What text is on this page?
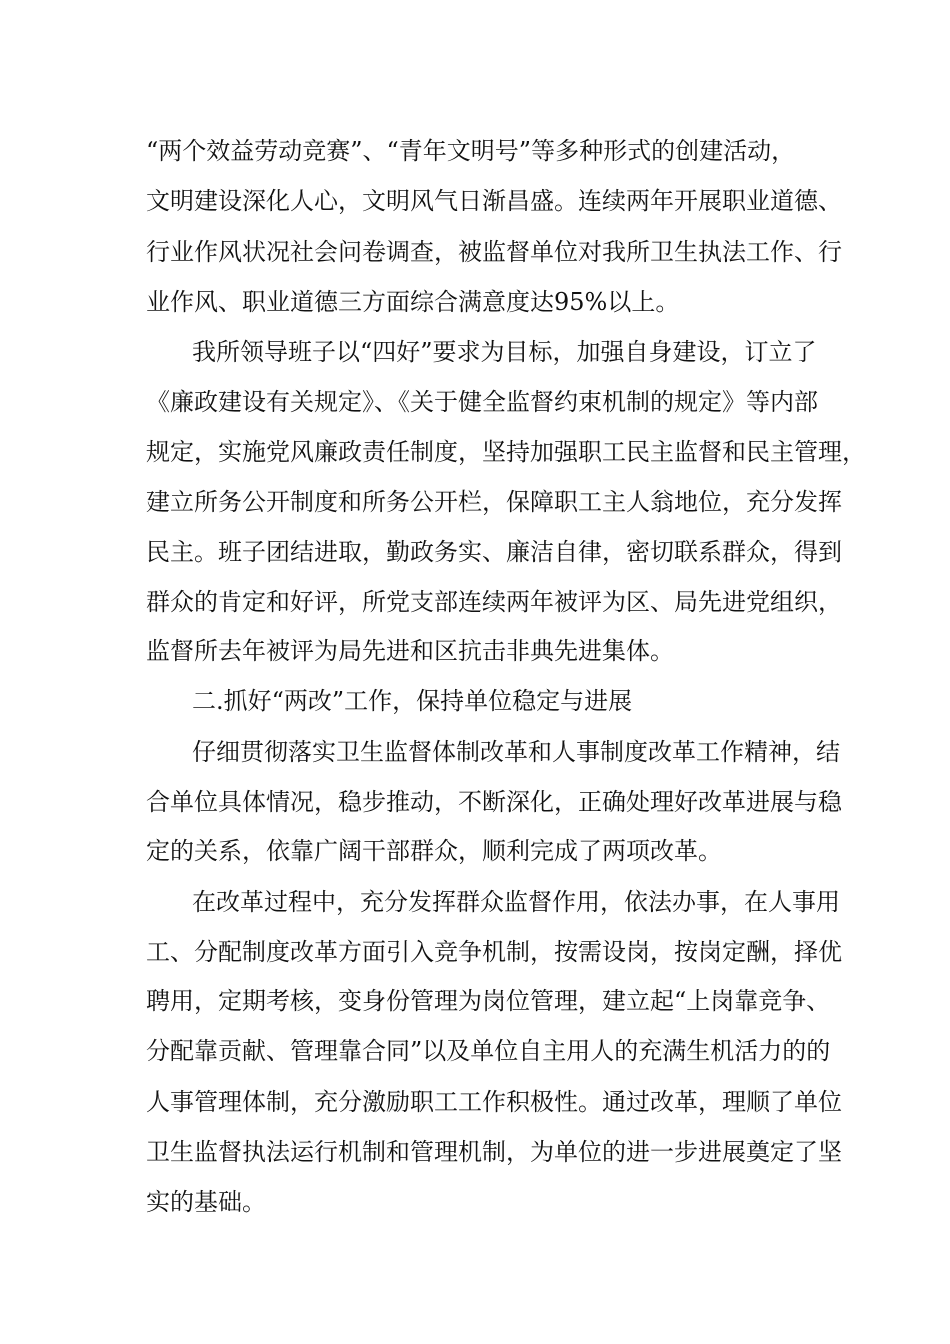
“两个效益劳动竞赛”、“青年文明号”等多种形式的创建活动，
文明建设深化人心，文明风气日渐昌盛。连续两年开展职业道德、
行业作风状况社会问卷调查，被监督单位对我所卫生执法工作、行
业作风、职业道德三方面综合满意度达95%以上。
我所领导班子以“四好”要求为目标，加强自身建设，订立了
《廉政建设有关规定》、《关于健全监督约束机制的规定》等内部
规定，实施党风廉政责任制度，坚持加强职工民主监督和民主管理，
建立所务公开制度和所务公开栏，保障职工主人翁地位，充分发挥
民主。班子团结进取，勤政务实、廉洁自律，密切联系群众，得到
群众的肯定和好评，所党支部连续两年被评为区、局先进党组织，
监督所去年被评为局先进和区抗击非典先进集体。
二.抓好“两改”工作，保持单位稳定与进展
仔细贯彻落实卫生监督体制改革和人事制度改革工作精神，结
合单位具体情况，稳步推动，不断深化，正确处理好改革进展与稳
定的关系，依靠广阔干部群众，顺利完成了两项改革。
在改革过程中，充分发挥群众监督作用，依法办事，在人事用
工、分配制度改革方面引入竞争机制，按需设岗，按岗定酬，择优
聘用，定期考核，变身份管理为岗位管理，建立起“上岗靠竞争、
分配靠贡献、管理靠合同”以及单位自主用人的充满生机活力的的
人事管理体制，充分激励职工工作积极性。通过改革，理顺了单位
卫生监督执法运行机制和管理机制，为单位的进一步进展奠定了坚
实的基础。
